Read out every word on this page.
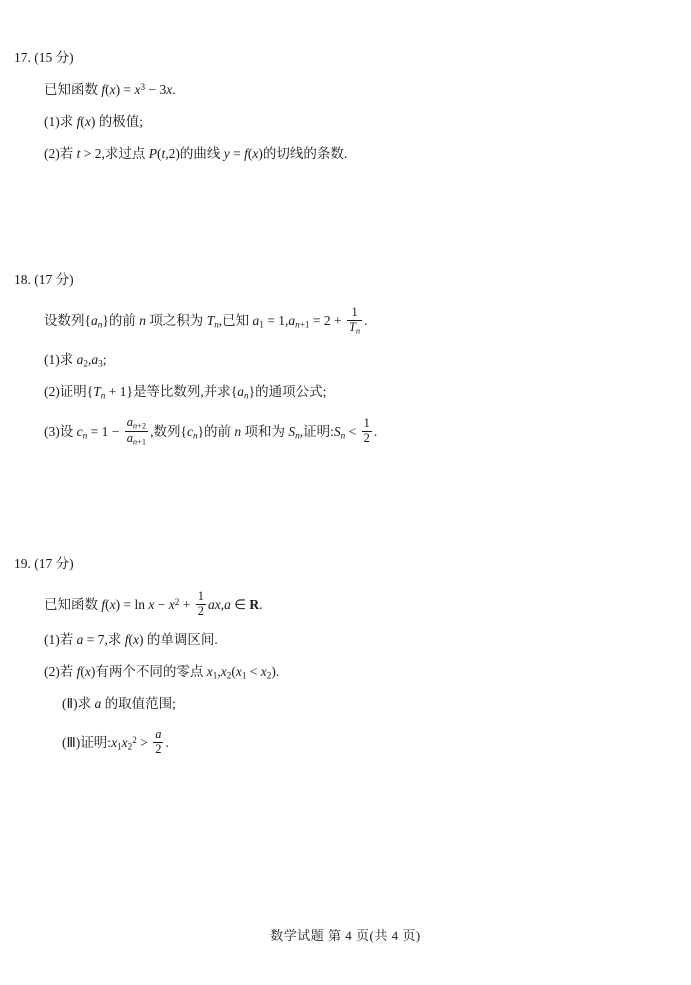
17. (15 分)
已知函数 $f(x) = x^3 - 3x$.
(1)求 f(x) 的极值;
(2)若 t > 2,求过点 P(t,2)的曲线 y = f(x)的切线的条数.
18. (17 分)
设数列$\{a_n\}$的前 n 项之积为 $T_n$,已知 $a_1 = 1,a_{n+1} = 2 + \frac{1}{T_n}$ .
(1)求 $a_2,a_3$;
(2)证明$\{T_n + 1\}$是等比数列,并求$\{a_n\}$的通项公式;
(3)设 $c_n = 1 - \frac{a_{n+2}}{a_{n+1}}$ ,数列$\{c_n\}$的前 n 项和为 $S_n$,证明$:S_n < \frac{1}{2}$ .
19. (17 分)
已知函数 $f(x) = \ln x - x^2 + \frac{1}{2} ax,a$ ∈ R.
(1)若 a = 7,求 f(x) 的单调区间.
(2)若 f(x)有两个不同的零点 $x_1,x_2(x_1 < x_2)$.
(Ⅱ)求 a 的取值范围;
(Ⅲ)证明$:x_1x_2^2 > \frac{a}{2}$ .
数学试题 第 4 页(共 4 页)
